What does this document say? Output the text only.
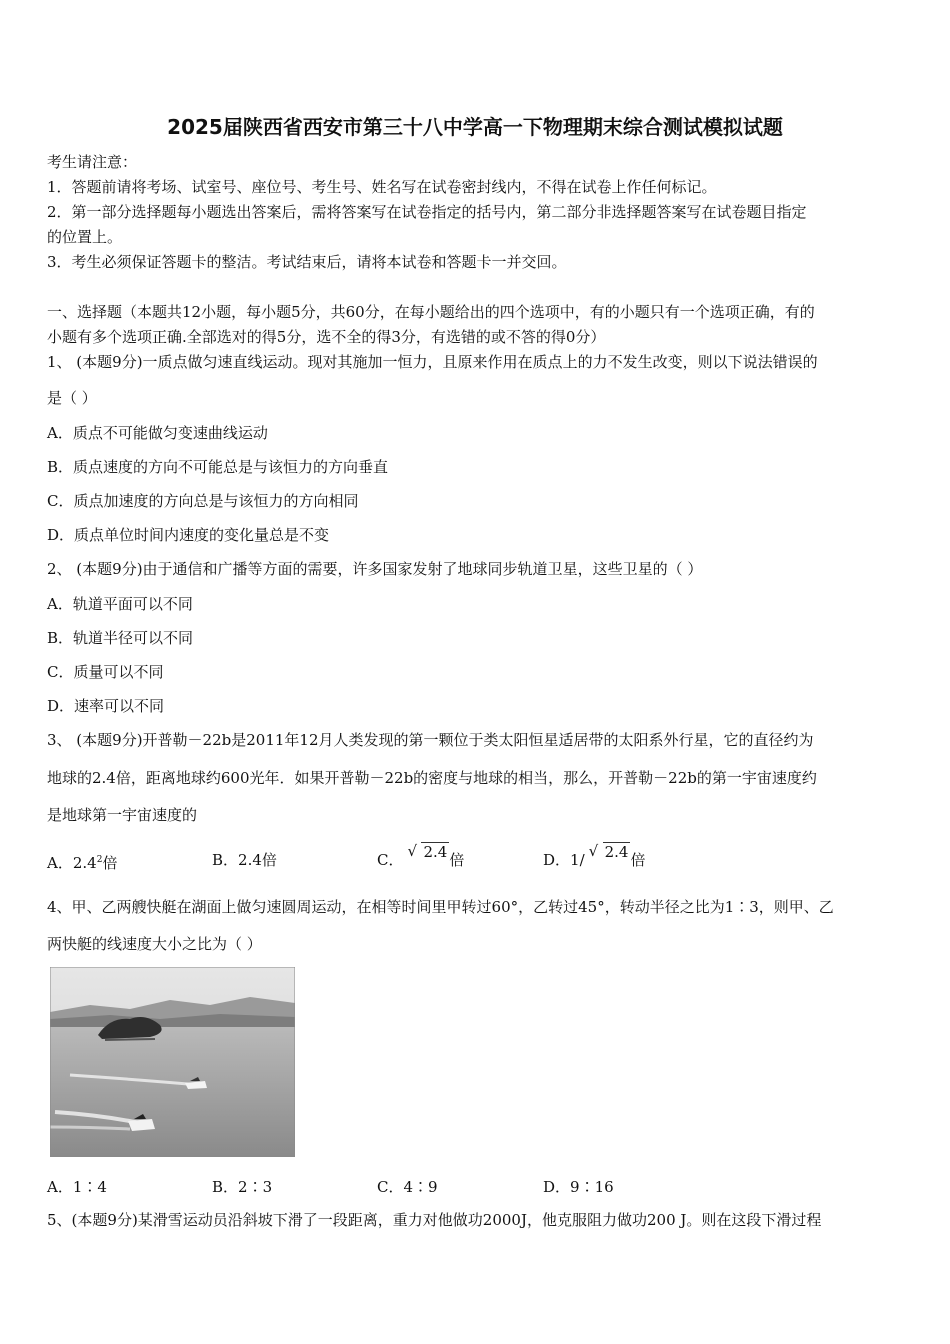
2025届陕西省西安市第三十八中学高一下物理期末综合测试模拟试题
考生请注意：
1．答题前请将考场、试室号、座位号、考生号、姓名写在试卷密封线内，不得在试卷上作任何标记。
2．第一部分选择题每小题选出答案后，需将答案写在试卷指定的括号内，第二部分非选择题答案写在试卷题目指定
的位置上。
3．考生必须保证答题卡的整洁。考试结束后，请将本试卷和答题卡一并交回。
一、选择题（本题共12小题，每小题5分，共60分，在每小题给出的四个选项中，有的小题只有一个选项正确，有的
小题有多个选项正确.全部选对的得5分，选不全的得3分，有选错的或不答的得0分）
1、 (本题9分)一质点做匀速直线运动。现对其施加一恒力，且原来作用在质点上的力不发生改变，则以下说法错误的
是（ ）
A．质点不可能做匀变速曲线运动
B．质点速度的方向不可能总是与该恒力的方向垂直
C．质点加速度的方向总是与该恒力的方向相同
D．质点单位时间内速度的变化量总是不变
2、 (本题9分)由于通信和广播等方面的需要，许多国家发射了地球同步轨道卫星，这些卫星的（ ）
A．轨道平面可以不同
B．轨道半径可以不同
C．质量可以不同
D．速率可以不同
3、 (本题9分)开普勒－22b是2011年12月人类发现的第一颗位于类太阳恒星适居带的太阳系外行星，它的直径约为
地球的2.4倍，距离地球约600光年．如果开普勒－22b的密度与地球的相当，那么，开普勒－22b的第一宇宙速度约
是地球第一宇宙速度的
A．$2.4^2$倍	B．2.4倍	C． √ 2.4 倍	D．1/ √ 2.4 倍
4、甲、乙两艘快艇在湖面上做匀速圆周运动，在相等时间里甲转过60°，乙转过45°，转动半径之比为1∶3，则甲、乙
两快艇的线速度大小之比为（ ）
A．1∶4	B．2∶3	C．4∶9	D．9∶16
5、(本题9分)某滑雪运动员沿斜坡下滑了一段距离，重力对他做功2000J，他克服阻力做功200 J。则在这段下滑过程
